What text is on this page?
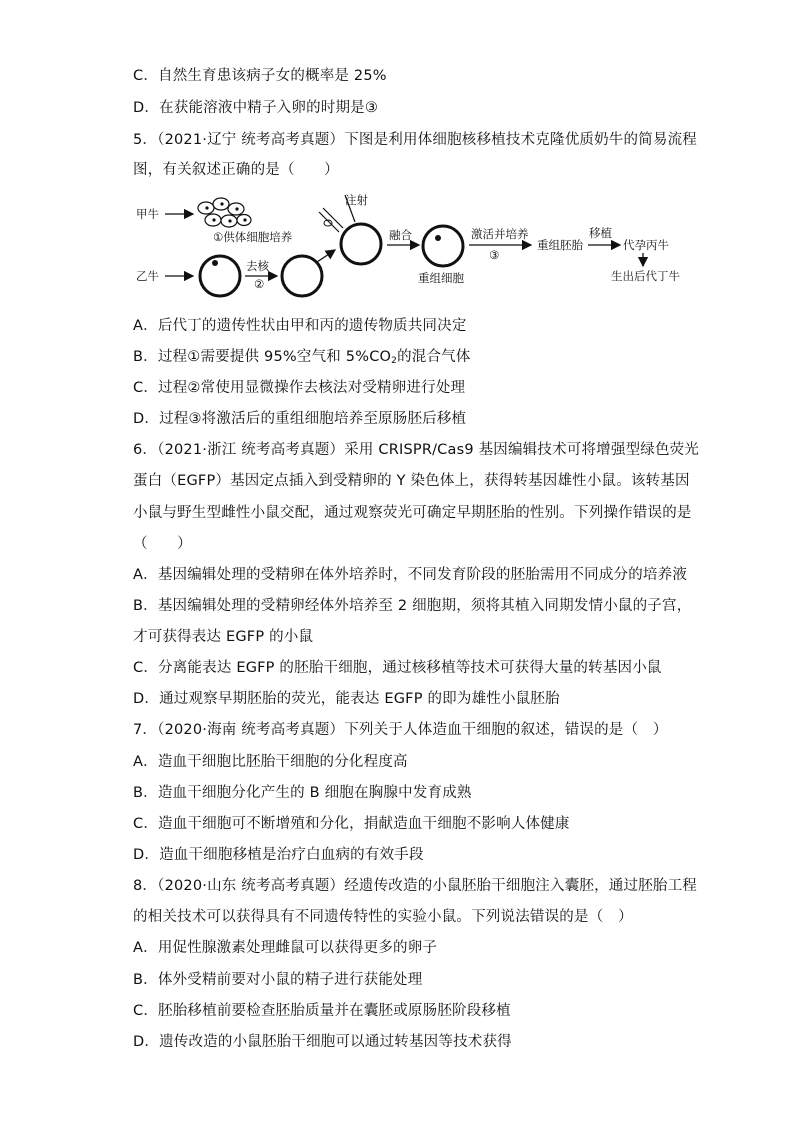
C．自然生育患该病子女的概率是 25%
D．在获能溶液中精子入卵的时期是③
5．（2021·辽宁 统考高考真题）下图是利用体细胞核移植技术克隆优质奶牛的简易流程
图，有关叙述正确的是（　　）
甲牛
①供体细胞培养
注射
乙牛
去核
②
融合
重组细胞
激活并培养
③
重组胚胎
移植
代孕丙牛
生出后代丁牛
A．后代丁的遗传性状由甲和丙的遗传物质共同决定
B．过程①需要提供 95%空气和 $5\%CO_2$的混合气体
C．过程②常使用显微操作去核法对受精卵进行处理
D．过程③将激活后的重组细胞培养至原肠胚后移植
6．（2021·浙江 统考高考真题）采用 CRISPR/Cas9 基因编辑技术可将增强型绿色荧光
蛋白（EGFP）基因定点插入到受精卵的 Y 染色体上，获得转基因雄性小鼠。该转基因
小鼠与野生型雌性小鼠交配，通过观察荧光可确定早期胚胎的性别。下列操作错误的是
（　　）
A．基因编辑处理的受精卵在体外培养时，不同发育阶段的胚胎需用不同成分的培养液
B．基因编辑处理的受精卵经体外培养至 2 细胞期，须将其植入同期发情小鼠的子宫，
才可获得表达 EGFP 的小鼠
C．分离能表达 EGFP 的胚胎干细胞，通过核移植等技术可获得大量的转基因小鼠
D．通过观察早期胚胎的荧光，能表达 EGFP 的即为雄性小鼠胚胎
7．（2020·海南 统考高考真题）下列关于人体造血干细胞的叙述，错误的是（　）
A．造血干细胞比胚胎干细胞的分化程度高
B．造血干细胞分化产生的 B 细胞在胸腺中发育成熟
C．造血干细胞可不断增殖和分化，捐献造血干细胞不影响人体健康
D．造血干细胞移植是治疗白血病的有效手段
8．（2020·山东 统考高考真题）经遗传改造的小鼠胚胎干细胞注入囊胚，通过胚胎工程
的相关技术可以获得具有不同遗传特性的实验小鼠。下列说法错误的是（　）
A．用促性腺激素处理雌鼠可以获得更多的卵子
B．体外受精前要对小鼠的精子进行获能处理
C．胚胎移植前要检查胚胎质量并在囊胚或原肠胚阶段移植
D．遗传改造的小鼠胚胎干细胞可以通过转基因等技术获得
